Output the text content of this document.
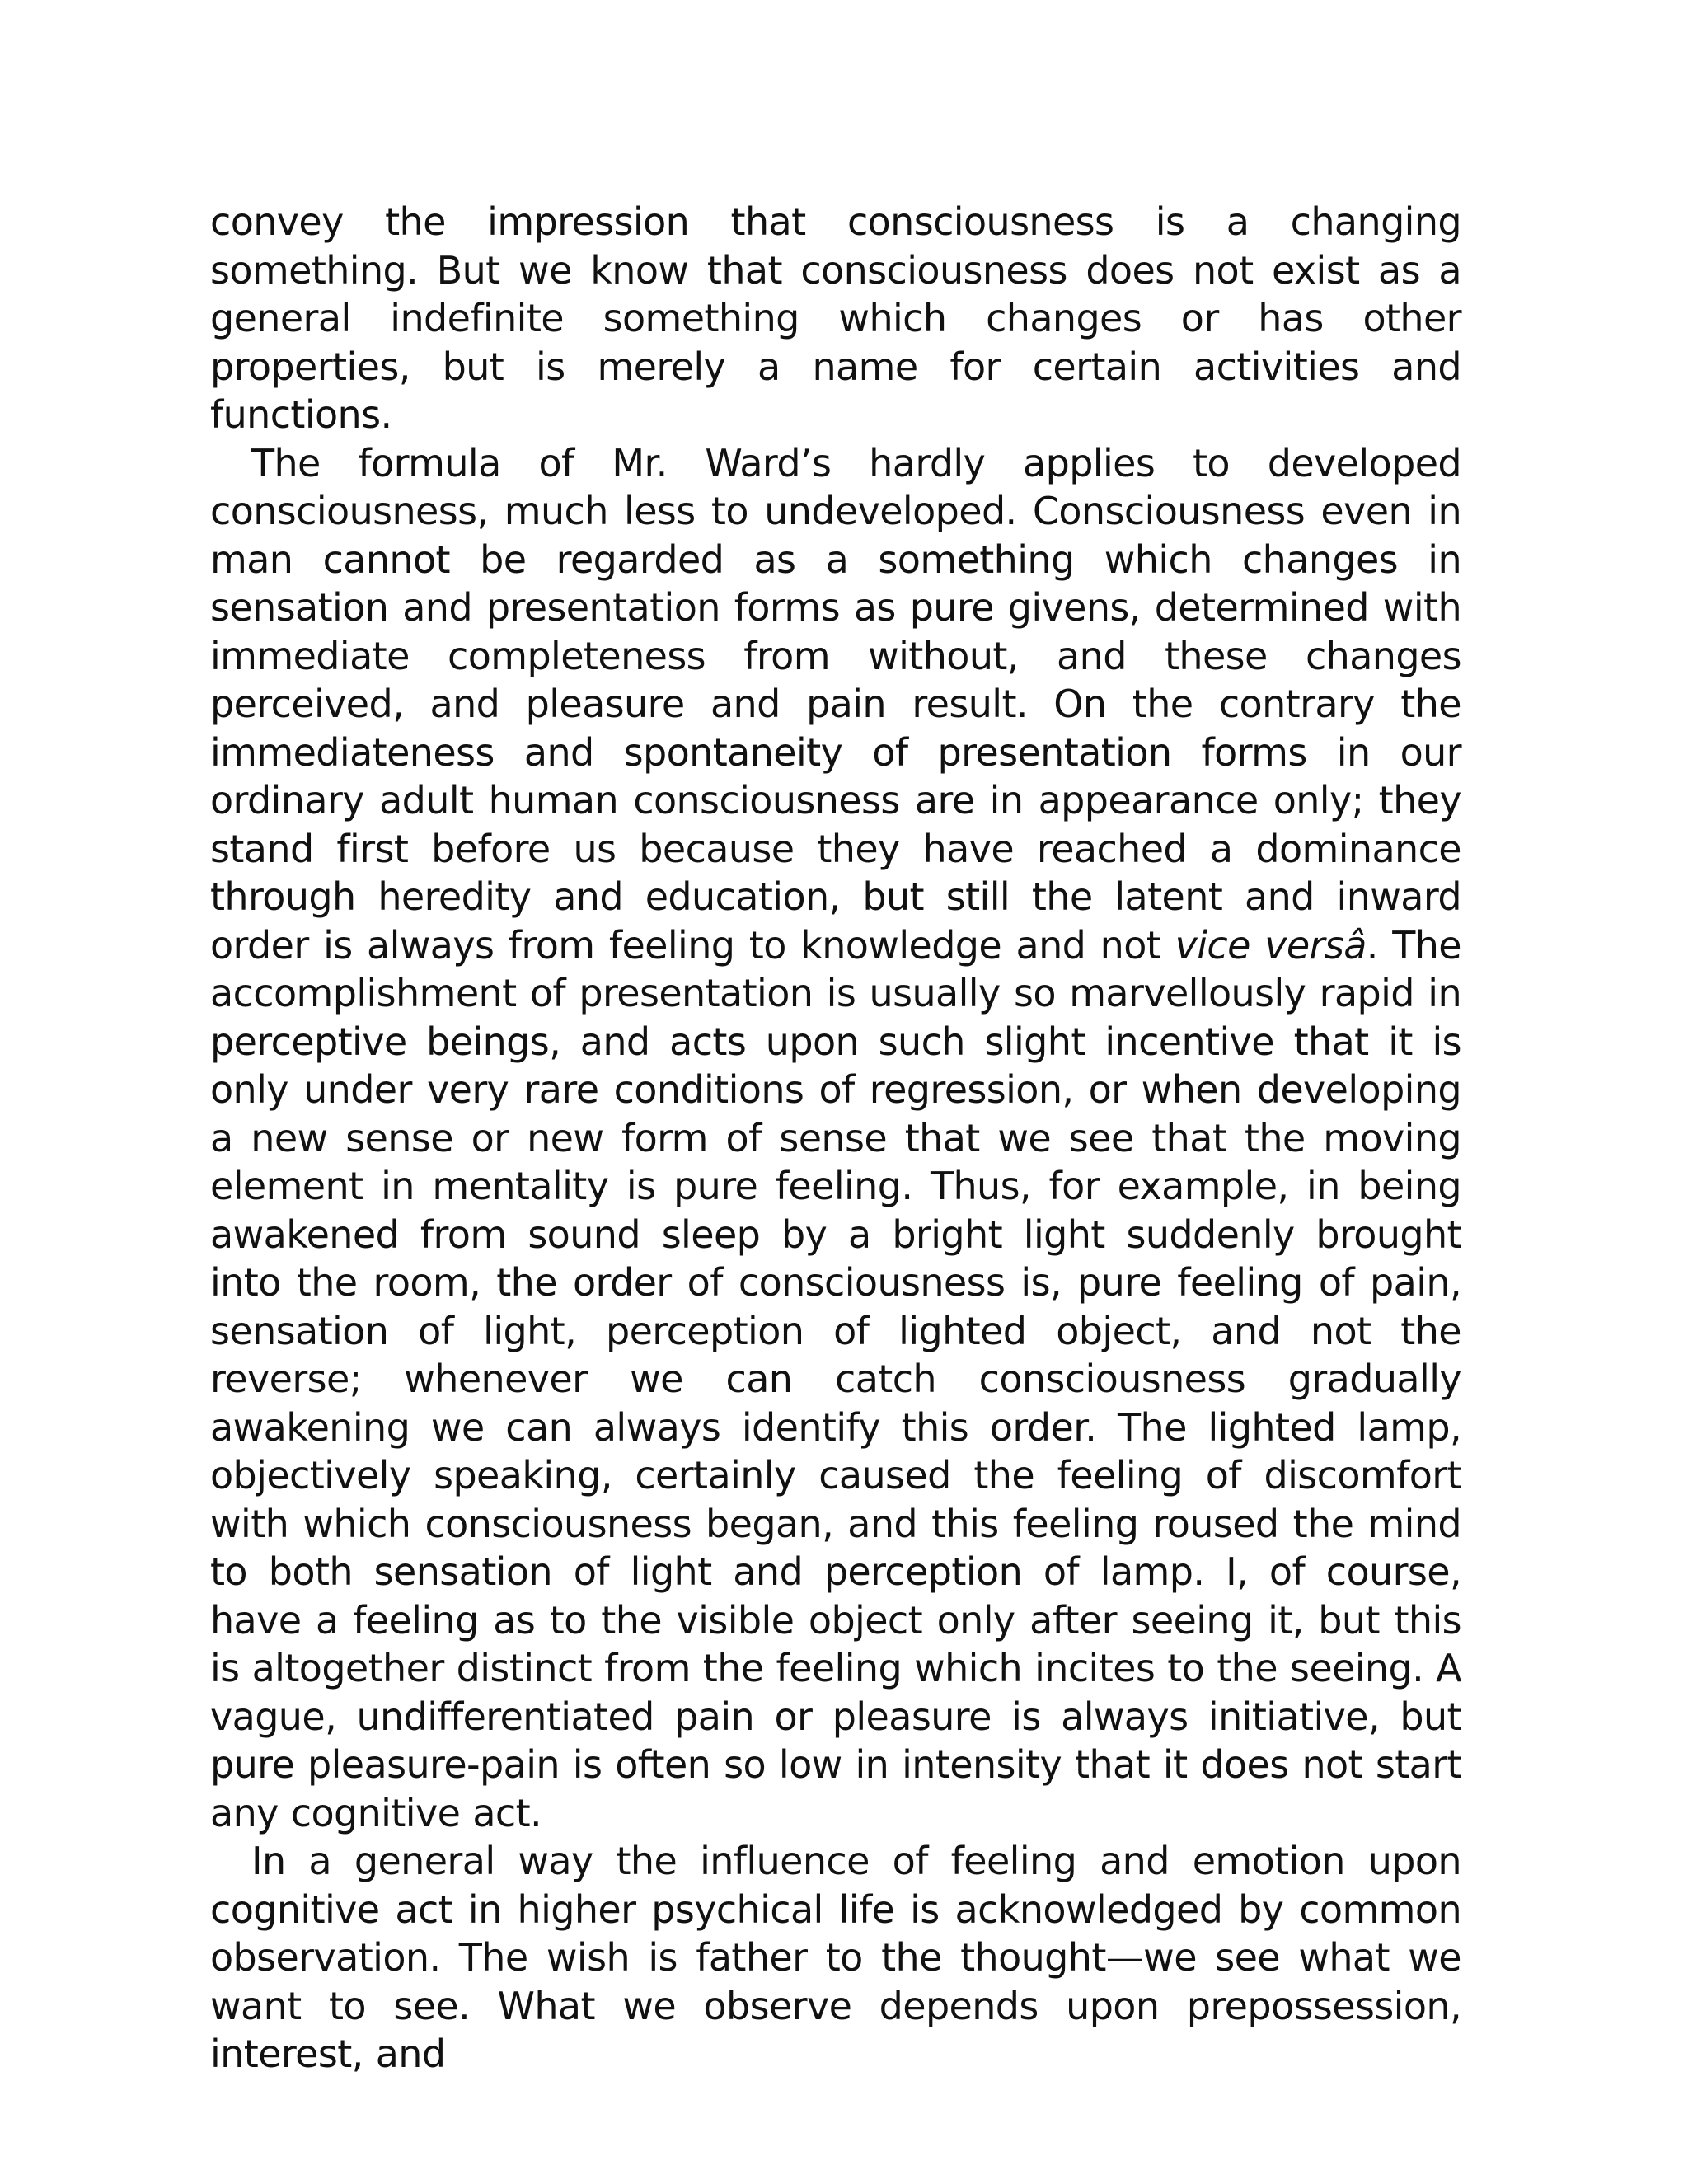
convey the impression that consciousness is a changing something. But we know that consciousness does not exist as a general indefinite something which changes or has other properties, but is merely a name for certain activities and functions.

The formula of Mr. Ward’s hardly applies to developed consciousness, much less to undeveloped. Consciousness even in man cannot be regarded as a something which changes in sensation and presentation forms as pure givens, determined with immediate completeness from without, and these changes perceived, and pleasure and pain result. On the contrary the immediateness and spontaneity of presentation forms in our ordinary adult human consciousness are in appearance only; they stand first before us because they have reached a dominance through heredity and education, but still the latent and inward order is always from feeling to knowledge and not vice versâ. The accomplishment of presentation is usually so marvellously rapid in perceptive beings, and acts upon such slight incentive that it is only under very rare conditions of regression, or when developing a new sense or new form of sense that we see that the moving element in mentality is pure feeling. Thus, for example, in being awakened from sound sleep by a bright light suddenly brought into the room, the order of consciousness is, pure feeling of pain, sensation of light, perception of lighted object, and not the reverse; whenever we can catch consciousness gradually awakening we can always identify this order. The lighted lamp, objectively speaking, certainly caused the feeling of discomfort with which consciousness began, and this feeling roused the mind to both sensation of light and perception of lamp. I, of course, have a feeling as to the visible object only after seeing it, but this is altogether distinct from the feeling which incites to the seeing. A vague, undifferentiated pain or pleasure is always initiative, but pure pleasure-pain is often so low in intensity that it does not start any cognitive act.

In a general way the influence of feeling and emotion upon cognitive act in higher psychical life is acknowledged by common observation. The wish is father to the thought—we see what we want to see. What we observe depends upon prepossession, interest, and
